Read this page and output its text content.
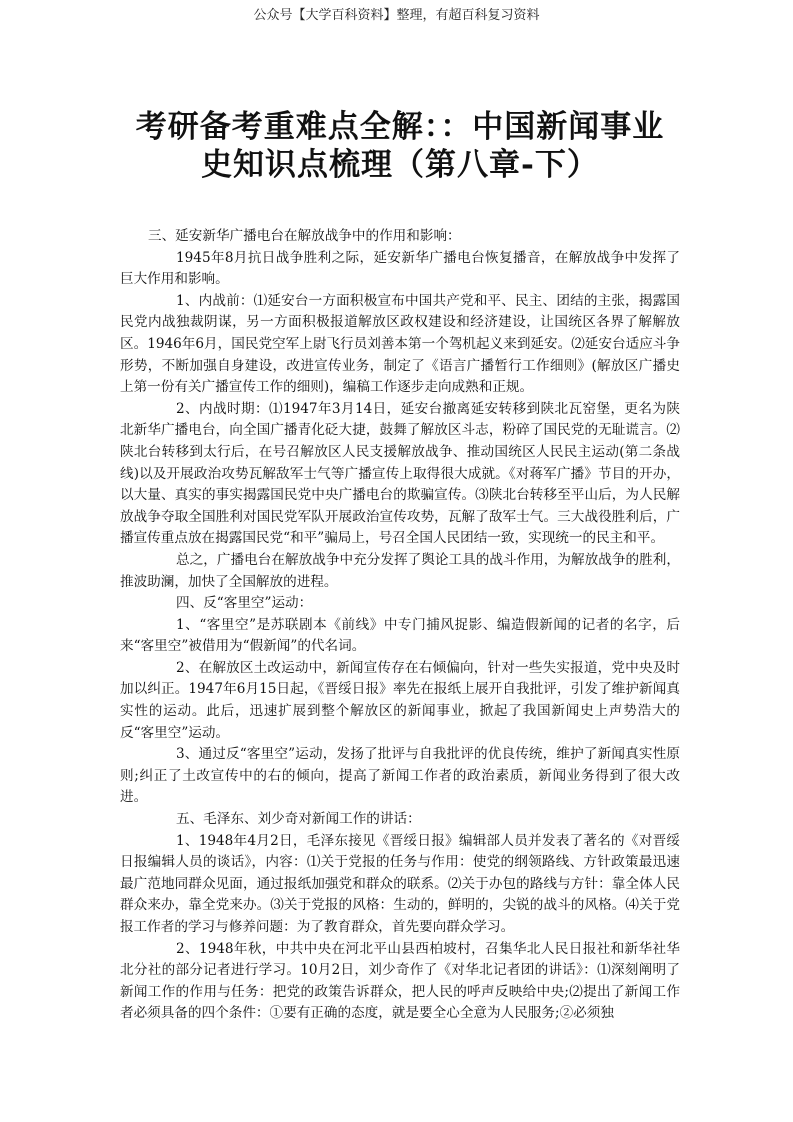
公众号【大学百科资料】整理，有超百科复习资料
考研备考重难点全解：：中国新闻事业史知识点梳理（第八章-下）

三、延安新华广播电台在解放战争中的作用和影响：

1945年8月抗日战争胜利之际，延安新华广播电台恢复播音，在解放战争中发挥了巨大作用和影响。

1、内战前：⑴延安台一方面积极宣布中国共产党和平、民主、团结的主张，揭露国民党内战独裁阴谋，另一方面积极报道解放区政权建设和经济建设，让国统区各界了解解放区。1946年6月，国民党空军上尉飞行员刘善本第一个驾机起义来到延安。⑵延安台适应斗争形势，不断加强自身建设，改进宣传业务，制定了《语言广播暂行工作细则》(解放区广播史上第一份有关广播宣传工作的细则)，编稿工作逐步走向成熟和正规。

2、内战时期：⑴1947年3月14日，延安台撤离延安转移到陕北瓦窑堡，更名为陕北新华广播电台，向全国广播青化砭大捷，鼓舞了解放区斗志，粉碎了国民党的无耻谎言。⑵陕北台转移到太行后，在号召解放区人民支援解放战争、推动国统区人民民主运动(第二条战线)以及开展政治攻势瓦解敌军士气等广播宣传上取得很大成就。《对蒋军广播》节目的开办，以大量、真实的事实揭露国民党中央广播电台的欺骗宣传。⑶陕北台转移至平山后，为人民解放战争夺取全国胜利对国民党军队开展政治宣传攻势，瓦解了敌军士气。三大战役胜利后，广播宣传重点放在揭露国民党“和平”骗局上，号召全国人民团结一致，实现统一的民主和平。

总之，广播电台在解放战争中充分发挥了舆论工具的战斗作用，为解放战争的胜利，推波助澜，加快了全国解放的进程。

四、反“客里空”运动：

1、“客里空”是苏联剧本《前线》中专门捕风捉影、编造假新闻的记者的名字，后来“客里空”被借用为“假新闻”的代名词。

2、在解放区土改运动中，新闻宣传存在右倾偏向，针对一些失实报道，党中央及时加以纠正。1947年6月15日起，《晋绥日报》率先在报纸上展开自我批评，引发了维护新闻真实性的运动。此后，迅速扩展到整个解放区的新闻事业，掀起了我国新闻史上声势浩大的反“客里空”运动。

3、通过反“客里空”运动，发扬了批评与自我批评的优良传统，维护了新闻真实性原则;纠正了土改宣传中的右的倾向，提高了新闻工作者的政治素质，新闻业务得到了很大改进。

五、毛泽东、刘少奇对新闻工作的讲话：

1、1948年4月2日，毛泽东接见《晋绥日报》编辑部人员并发表了著名的《对晋绥日报编辑人员的谈话》，内容：⑴关于党报的任务与作用：使党的纲领路线、方针政策最迅速最广范地同群众见面，通过报纸加强党和群众的联系。⑵关于办包的路线与方针：靠全体人民群众来办，靠全党来办。⑶关于党报的风格：生动的，鲜明的，尖锐的战斗的风格。⑷关于党报工作者的学习与修养问题：为了教育群众，首先要向群众学习。

2、1948年秋，中共中央在河北平山县西柏坡村，召集华北人民日报社和新华社华北分社的部分记者进行学习。10月2日，刘少奇作了《对华北记者团的讲话》：⑴深刻阐明了新闻工作的作用与任务：把党的政策告诉群众，把人民的呼声反映给中央;⑵提出了新闻工作者必须具备的四个条件：①要有正确的态度，就是要全心全意为人民服务;②必须独
